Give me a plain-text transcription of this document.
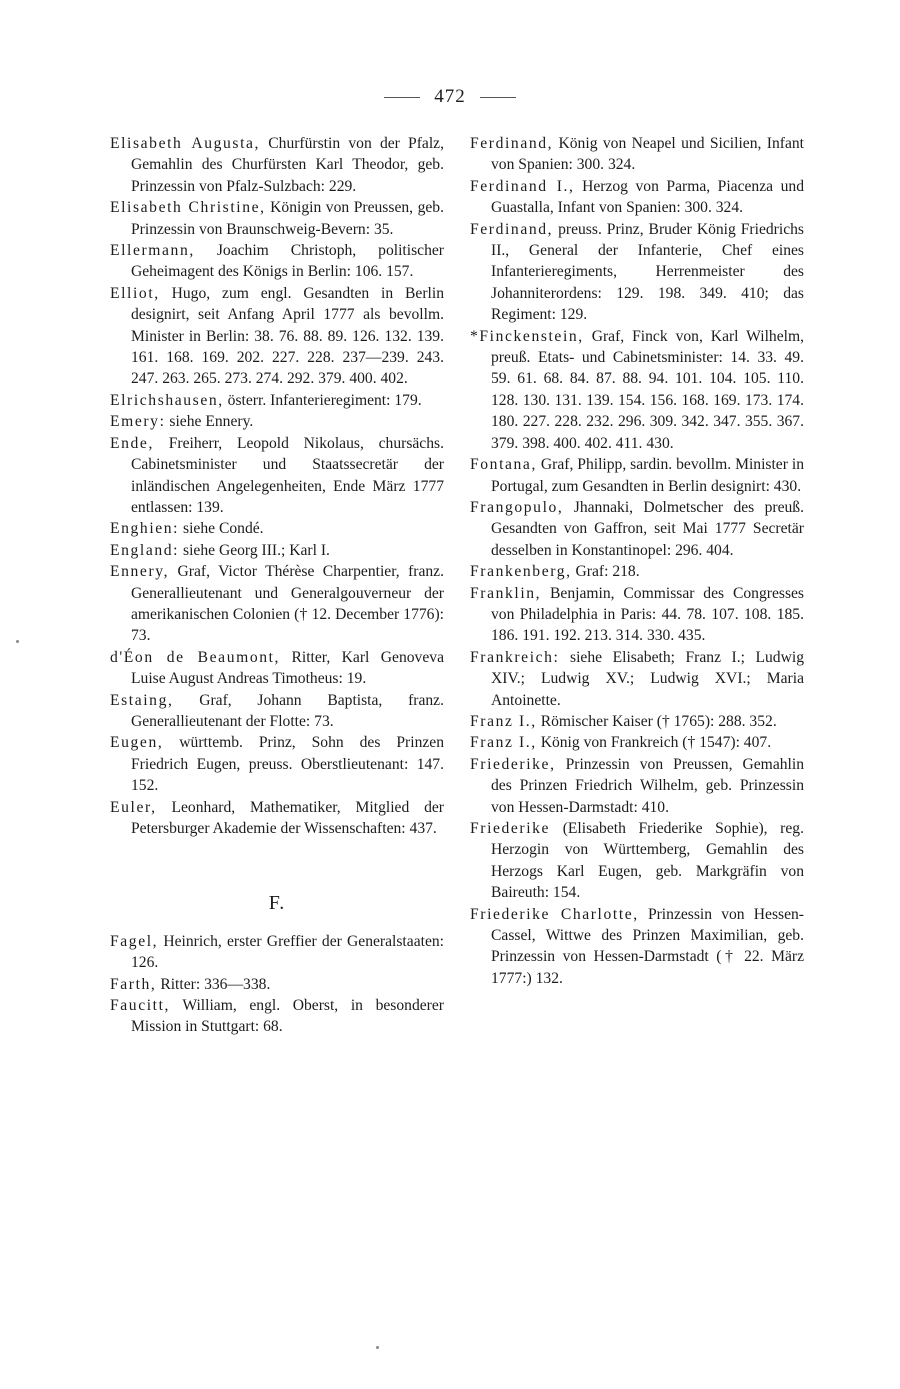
472
Elisabeth Augusta, Churfürstin von der Pfalz, Gemahlin des Churfürsten Karl Theodor, geb. Prinzessin von Pfalz-Sulzbach: 229.
Elisabeth Christine, Königin von Preussen, geb. Prinzessin von Braunschweig-Bevern: 35.
Ellermann, Joachim Christoph, politischer Geheimagent des Königs in Berlin: 106. 157.
Elliot, Hugo, zum engl. Gesandten in Berlin designirt, seit Anfang April 1777 als bevollm. Minister in Berlin: 38. 76. 88. 89. 126. 132. 139. 161. 168. 169. 202. 227. 228. 237—239. 243. 247. 263. 265. 273. 274. 292. 379. 400. 402.
Elrichshausen, österr. Infanterieregiment: 179.
Emery: siehe Ennery.
Ende, Freiherr, Leopold Nikolaus, chursächs. Cabinetsminister und Staatssecretär der inländischen Angelegenheiten, Ende März 1777 entlassen: 139.
Enghien: siehe Condé.
England: siehe Georg III.; Karl I.
Ennery, Graf, Victor Thérèse Charpentier, franz. Generallieutenant und Generalgouverneur der amerikanischen Colonien († 12. December 1776): 73.
d'Éon de Beaumont, Ritter, Karl Genoveva Luise August Andreas Timotheus: 19.
Estaing, Graf, Johann Baptista, franz. Generallieutenant der Flotte: 73.
Eugen, württemb. Prinz, Sohn des Prinzen Friedrich Eugen, preuss. Oberstlieutenant: 147. 152.
Euler, Leonhard, Mathematiker, Mitglied der Petersburger Akademie der Wissenschaften: 437.
F.
Fagel, Heinrich, erster Greffier der Generalstaaten: 126.
Farth, Ritter: 336—338.
Faucitt, William, engl. Oberst, in besonderer Mission in Stuttgart: 68.
Ferdinand, König von Neapel und Sicilien, Infant von Spanien: 300. 324.
Ferdinand I., Herzog von Parma, Piacenza und Guastalla, Infant von Spanien: 300. 324.
Ferdinand, preuss. Prinz, Bruder König Friedrichs II., General der Infanterie, Chef eines Infanterieregiments, Herrenmeister des Johanniterordens: 129. 198. 349. 410; das Regiment: 129.
*Finckenstein, Graf, Finck von, Karl Wilhelm, preuß. Etats- und Cabinetsminister: 14. 33. 49. 59. 61. 68. 84. 87. 88. 94. 101. 104. 105. 110. 128. 130. 131. 139. 154. 156. 168. 169. 173. 174. 180. 227. 228. 232. 296. 309. 342. 347. 355. 367. 379. 398. 400. 402. 411. 430.
Fontana, Graf, Philipp, sardin. bevollm. Minister in Portugal, zum Gesandten in Berlin designirt: 430.
Frangopulo, Jhannaki, Dolmetscher des preuß. Gesandten von Gaffron, seit Mai 1777 Secretär desselben in Konstantinopel: 296. 404.
Frankenberg, Graf: 218.
Franklin, Benjamin, Commissar des Congresses von Philadelphia in Paris: 44. 78. 107. 108. 185. 186. 191. 192. 213. 314. 330. 435.
Frankreich: siehe Elisabeth; Franz I.; Ludwig XIV.; Ludwig XV.; Ludwig XVI.; Maria Antoinette.
Franz I., Römischer Kaiser († 1765): 288. 352.
Franz I., König von Frankreich († 1547): 407.
Friederike, Prinzessin von Preussen, Gemahlin des Prinzen Friedrich Wilhelm, geb. Prinzessin von Hessen-Darmstadt: 410.
Friederike (Elisabeth Friederike Sophie), reg. Herzogin von Württemberg, Gemahlin des Herzogs Karl Eugen, geb. Markgräfin von Baireuth: 154.
Friederike Charlotte, Prinzessin von Hessen-Cassel, Wittwe des Prinzen Maximilian, geb. Prinzessin von Hessen-Darmstadt († 22. März 1777:) 132.
